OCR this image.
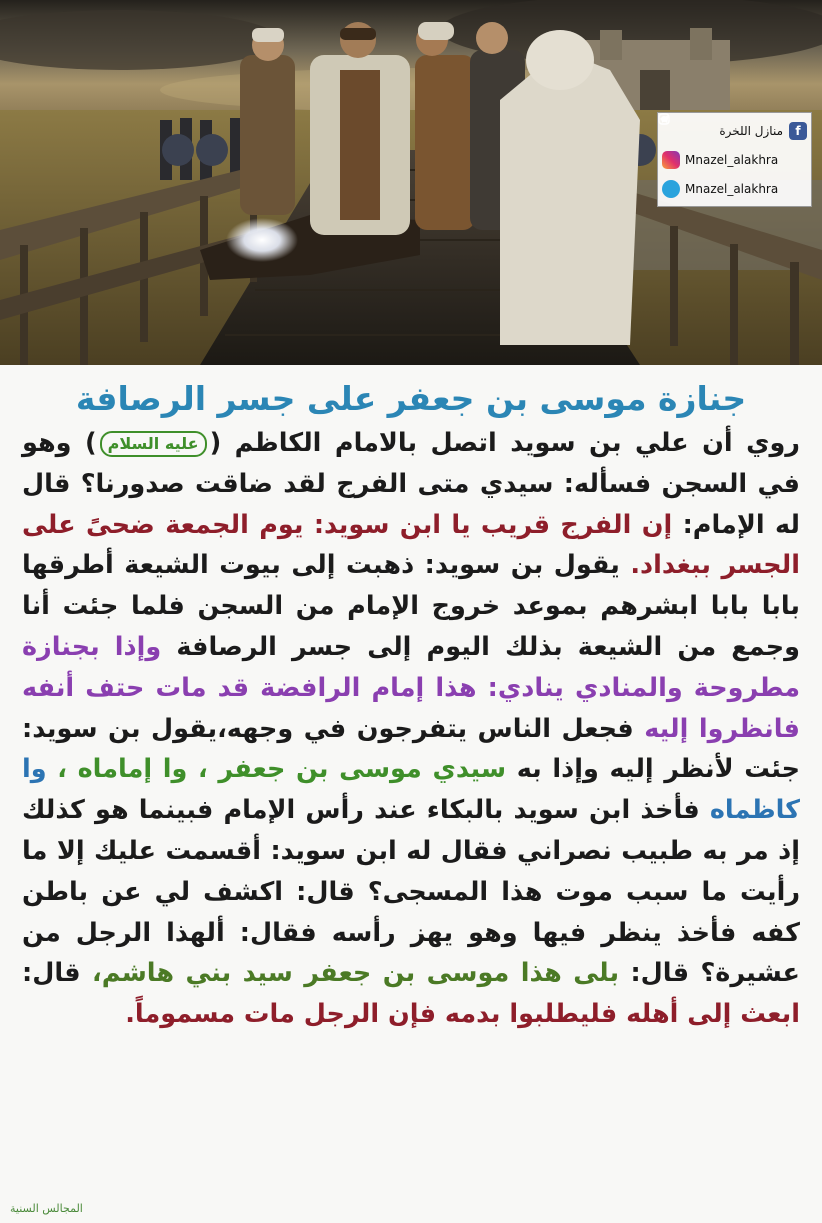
منازل اللخرة	f
Mnazel_alakhra
Mnazel_alakhra
جنازة موسى بن جعفر على جسر الرصافة
روي أن علي بن سويد اتصل بالامام الكاظم (عليه السلام) وهو في السجن فسأله: سيدي متى الفرج لقد ضاقت صدورنا؟ قال له الإمام: إن الفرج قريب يا ابن سويد: يوم الجمعة ضحىً على الجسر ببغداد. يقول بن سويد: ذهبت إلى بيوت الشيعة أطرقها بابا بابا ابشرهم بموعد خروج الإمام من السجن فلما جئت أنا وجمع من الشيعة بذلك اليوم إلى جسر الرصافة وإذا بجنازة مطروحة والمنادي ينادي: هذا إمام الرافضة قد مات حتف أنفه فانظروا إليه فجعل الناس يتفرجون في وجهه،يقول بن سويد: جئت لأنظر إليه وإذا به سيدي موسى بن جعفر ، وا إماماه ، وا كاظماه فأخذ ابن سويد بالبكاء عند رأس الإمام فبينما هو كذلك إذ مر به طبيب نصراني فقال له ابن سويد: أقسمت عليك إلا ما رأيت ما سبب موت هذا المسجى؟ قال: اكشف لي عن باطن كفه فأخذ ينظر فيها وهو يهز رأسه فقال: ألهذا الرجل من عشيرة؟ قال: بلى هذا موسى بن جعفر سيد بني هاشم، قال: ابعث إلى أهله فليطلبوا بدمه فإن الرجل مات مسموماً.
المجالس السنية
